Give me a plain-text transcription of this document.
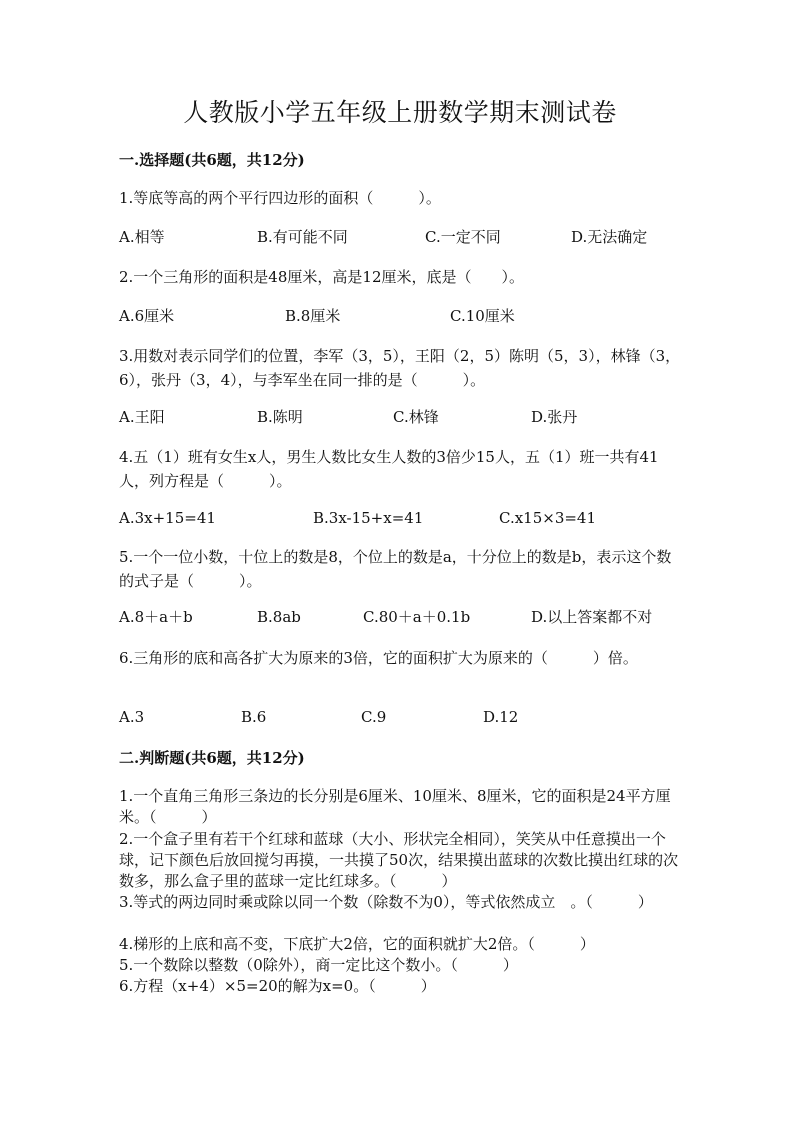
人教版小学五年级上册数学期末测试卷
一.选择题(共6题，共12分)
1.等底等高的两个平行四边形的面积（　　　）。
A.相等	B.有可能不同	C.一定不同	D.无法确定
2.一个三角形的面积是48厘米，高是12厘米，底是（　　）。
A.6厘米	B.8厘米	C.10厘米
3.用数对表示同学们的位置，李军（3，5），王阳（2，5）陈明（5，3），林锋（3，6），张丹（3，4），与李军坐在同一排的是（　　　）。
A.王阳	B.陈明	C.林锋	D.张丹
4.五（1）班有女生x人，男生人数比女生人数的3倍少15人，五（1）班一共有41人，列方程是（　　　）。
A.3x+15=41	B.3x-15+x=41	C.x15×3=41
5.一个一位小数，十位上的数是8，个位上的数是a，十分位上的数是b，表示这个数的式子是（　　　）。
A.8＋a＋b	B.8ab	C.80＋a＋0.1b	D.以上答案都不对
6.三角形的底和高各扩大为原来的3倍，它的面积扩大为原来的（　　　）倍。
A.3	B.6	C.9	D.12
二.判断题(共6题，共12分)
1.一个直角三角形三条边的长分别是6厘米、10厘米、8厘米，它的面积是24平方厘米。（　　　）
2.一个盒子里有若干个红球和蓝球（大小、形状完全相同），笑笑从中任意摸出一个球，记下颜色后放回搅匀再摸，一共摸了50次，结果摸出蓝球的次数比摸出红球的次数多，那么盒子里的蓝球一定比红球多。（　　　）
3.等式的两边同时乘或除以同一个数（除数不为0），等式依然成立　。（　　　）
4.梯形的上底和高不变，下底扩大2倍，它的面积就扩大2倍。（　　　）
5.一个数除以整数（0除外），商一定比这个数小。（　　　）
6.方程（x+4）×5=20的解为x=0。（　　　）
